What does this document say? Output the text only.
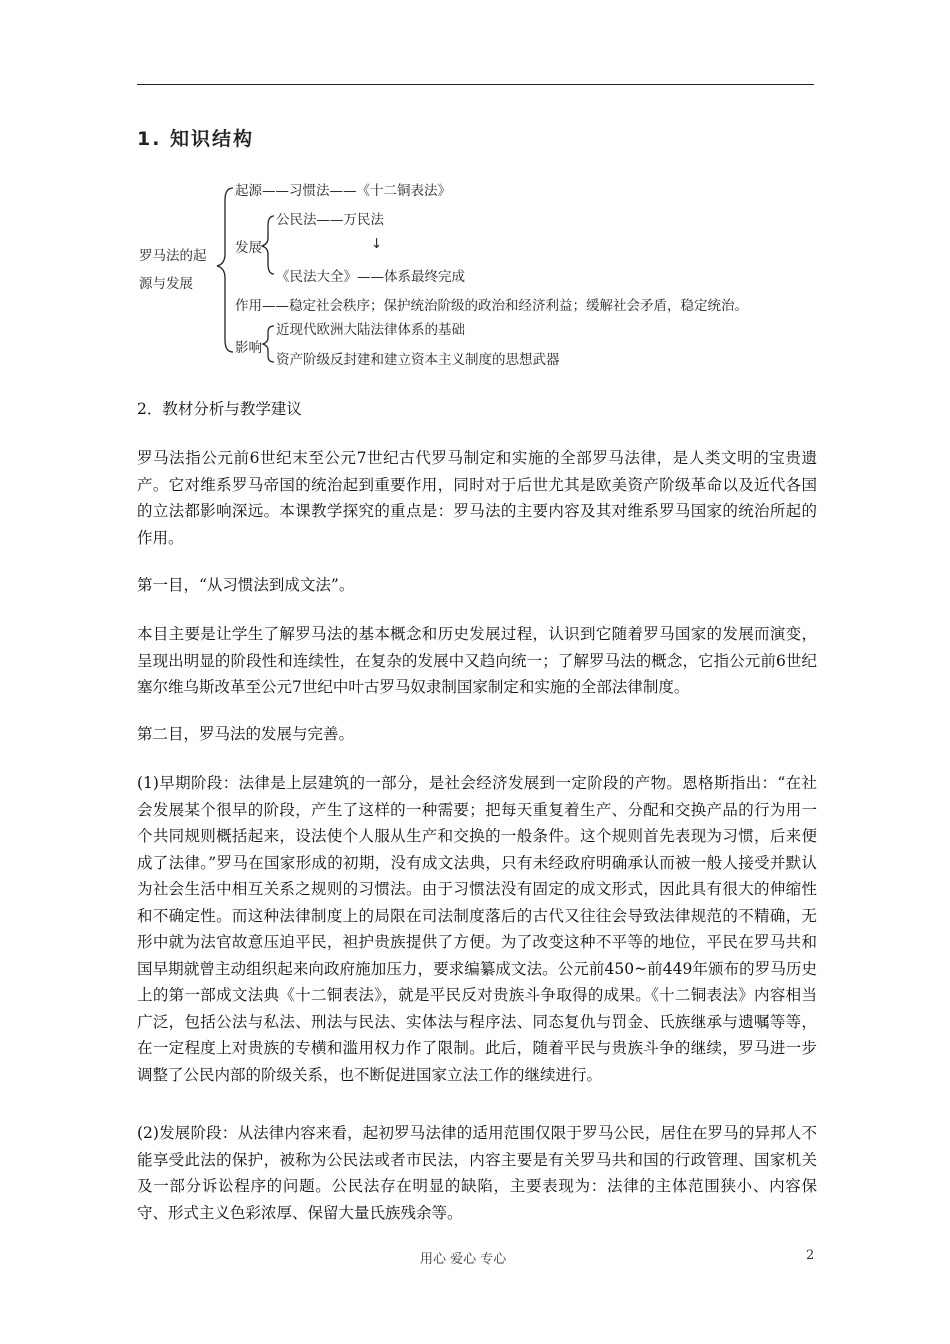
1. 知识结构
罗马法的起
源与发展
起源——习惯法——《十二铜表法》
发展
公民法——万民法
↓
《民法大全》——体系最终完成
作用——稳定社会秩序；保护统治阶级的政治和经济利益；缓解社会矛盾，稳定统治。
影响
近现代欧洲大陆法律体系的基础
资产阶级反封建和建立资本主义制度的思想武器
2．教材分析与教学建议
罗马法指公元前6世纪末至公元7世纪古代罗马制定和实施的全部罗马法律，是人类文明的宝贵遗产。它对维系罗马帝国的统治起到重要作用，同时对于后世尤其是欧美资产阶级革命以及近代各国的立法都影响深远。本课教学探究的重点是：罗马法的主要内容及其对维系罗马国家的统治所起的作用。
第一目，“从习惯法到成文法”。
本目主要是让学生了解罗马法的基本概念和历史发展过程，认识到它随着罗马国家的发展而演变，呈现出明显的阶段性和连续性，在复杂的发展中又趋向统一；了解罗马法的概念，它指公元前6世纪塞尔维乌斯改革至公元7世纪中叶古罗马奴隶制国家制定和实施的全部法律制度。
第二目，罗马法的发展与完善。
(1)早期阶段：法律是上层建筑的一部分，是社会经济发展到一定阶段的产物。恩格斯指出：“在社会发展某个很早的阶段，产生了这样的一种需要；把每天重复着生产、分配和交换产品的行为用一个共同规则概括起来，设法使个人服从生产和交换的一般条件。这个规则首先表现为习惯，后来便成了法律。”罗马在国家形成的初期，没有成文法典，只有未经政府明确承认而被一般人接受并默认为社会生活中相互关系之规则的习惯法。由于习惯法没有固定的成文形式，因此具有很大的伸缩性和不确定性。而这种法律制度上的局限在司法制度落后的古代又往往会导致法律规范的不精确，无形中就为法官故意压迫平民，袒护贵族提供了方便。为了改变这种不平等的地位，平民在罗马共和国早期就曾主动组织起来向政府施加压力，要求编纂成文法。公元前450~前449年颁布的罗马历史上的第一部成文法典《十二铜表法》，就是平民反对贵族斗争取得的成果。《十二铜表法》内容相当广泛，包括公法与私法、刑法与民法、实体法与程序法、同态复仇与罚金、氏族继承与遗嘱等等，在一定程度上对贵族的专横和滥用权力作了限制。此后，随着平民与贵族斗争的继续，罗马进一步调整了公民内部的阶级关系，也不断促进国家立法工作的继续进行。
(2)发展阶段：从法律内容来看，起初罗马法律的适用范围仅限于罗马公民，居住在罗马的异邦人不能享受此法的保护，被称为公民法或者市民法，内容主要是有关罗马共和国的行政管理、国家机关及一部分诉讼程序的问题。公民法存在明显的缺陷，主要表现为：法律的主体范围狭小、内容保守、形式主义色彩浓厚、保留大量氏族残余等。
用心 爱心 专心	2
